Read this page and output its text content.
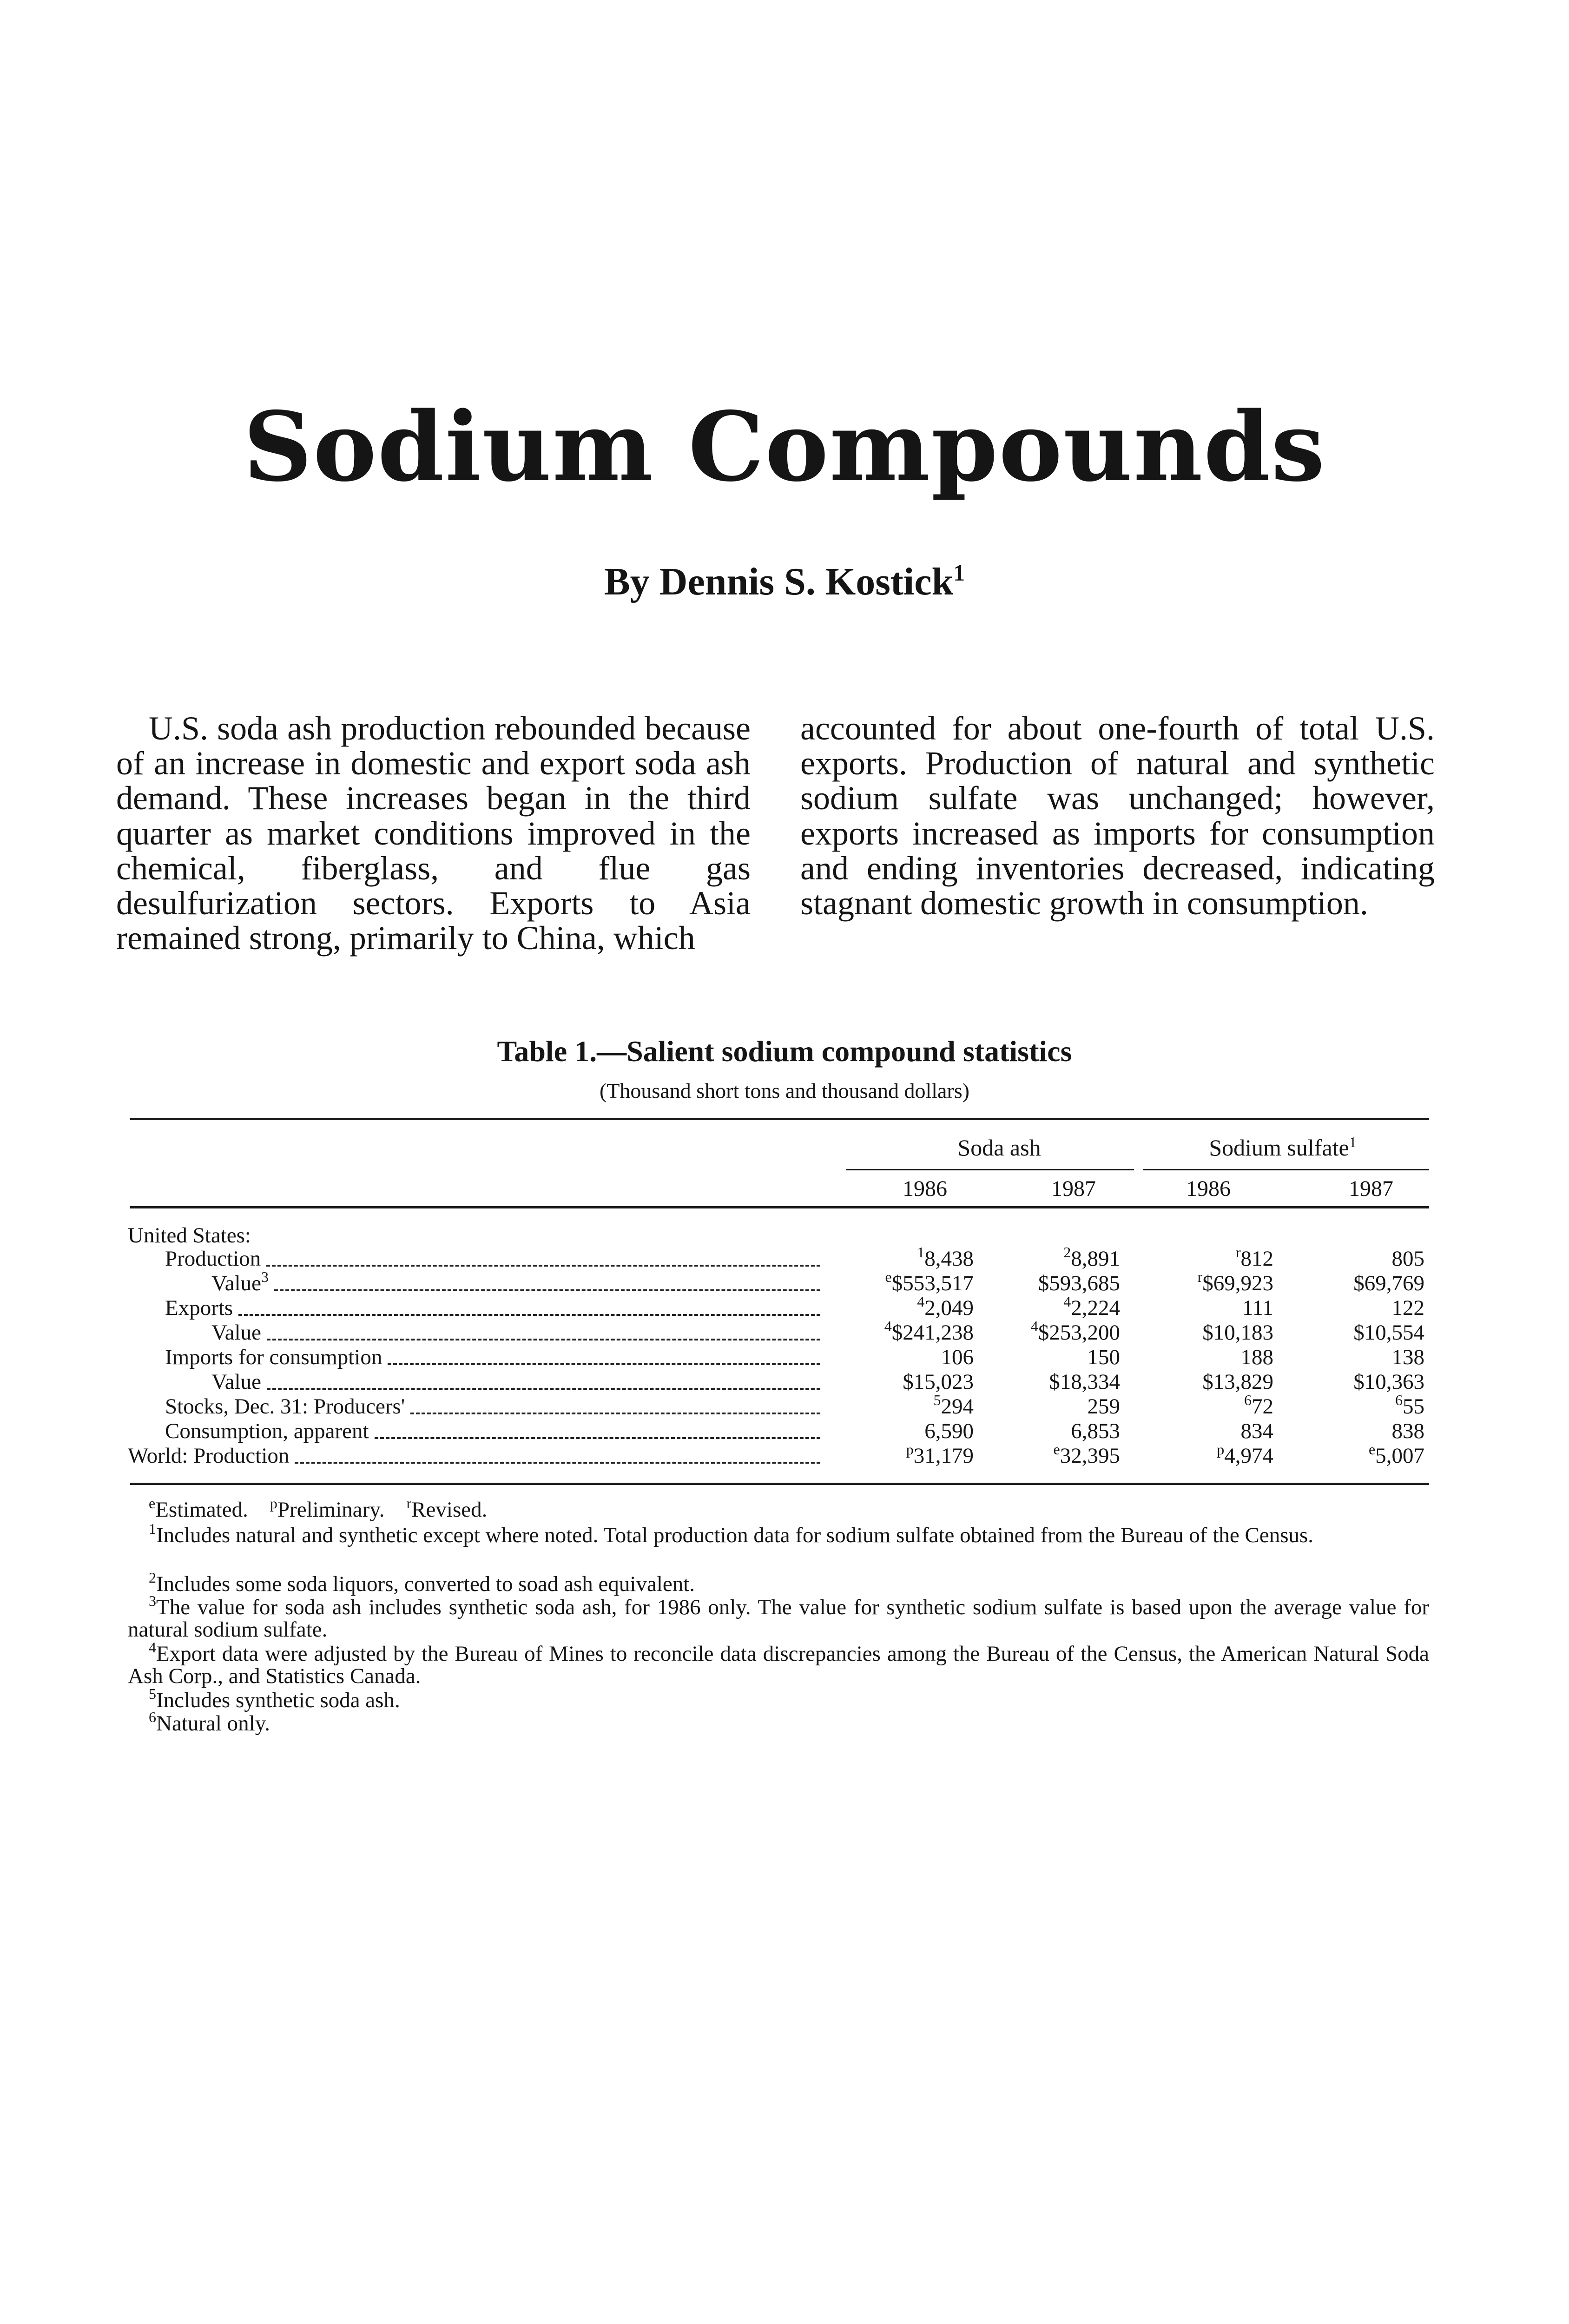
Sodium Compounds

By Dennis S. Kostick$^1$

U.S. soda ash production rebounded because of an increase in domestic and export soda ash demand. These increases began in the third quarter as market conditions improved in the chemical, fiberglass, and flue gas desulfurization sectors. Exports to Asia remained strong, primarily to China, which

accounted for about one-fourth of total U.S. exports. Production of natural and synthetic sodium sulfate was unchanged; however, exports increased as imports for consumption and ending inventories decreased, indicating stagnant domestic growth in consumption.

Table 1.—Salient sodium compound statistics

(Thousand short tons and thousand dollars)

Soda ash	Sodium sulfate$^1$
1986	1987	1986	1987
United States:
Production	$^1$8,438	$^2$8,891	$^r$812	805
Value$^3$	$^e$\$553,517	$593,685	$^r$\$69,923	$69,769
Exports	$^4$2,049	$^4$2,224	111	122
Value	$^4$\$241,238	$^4$\$253,200	$10,183	$10,554
Imports for consumption	106	150	188	138
Value	$15,023	$18,334	$13,829	$10,363
Stocks, Dec. 31: Producers'	$^5$294	259	$^6$72	$^6$55
Consumption, apparent	6,590	6,853	834	838
World: Production	$^p$31,179	$^e$32,395	$^p$4,974	$^e$5,007

$^e$Estimated. $^p$Preliminary. $^r$Revised.

$^1$Includes natural and synthetic except where noted. Total production data for sodium sulfate obtained from the Bureau of the Census.

$^2$Includes some soda liquors, converted to soad ash equivalent.

$^3$The value for soda ash includes synthetic soda ash, for 1986 only. The value for synthetic sodium sulfate is based upon the average value for natural sodium sulfate.

$^4$Export data were adjusted by the Bureau of Mines to reconcile data discrepancies among the Bureau of the Census, the American Natural Soda Ash Corp., and Statistics Canada.

$^5$Includes synthetic soda ash.

$^6$Natural only.
